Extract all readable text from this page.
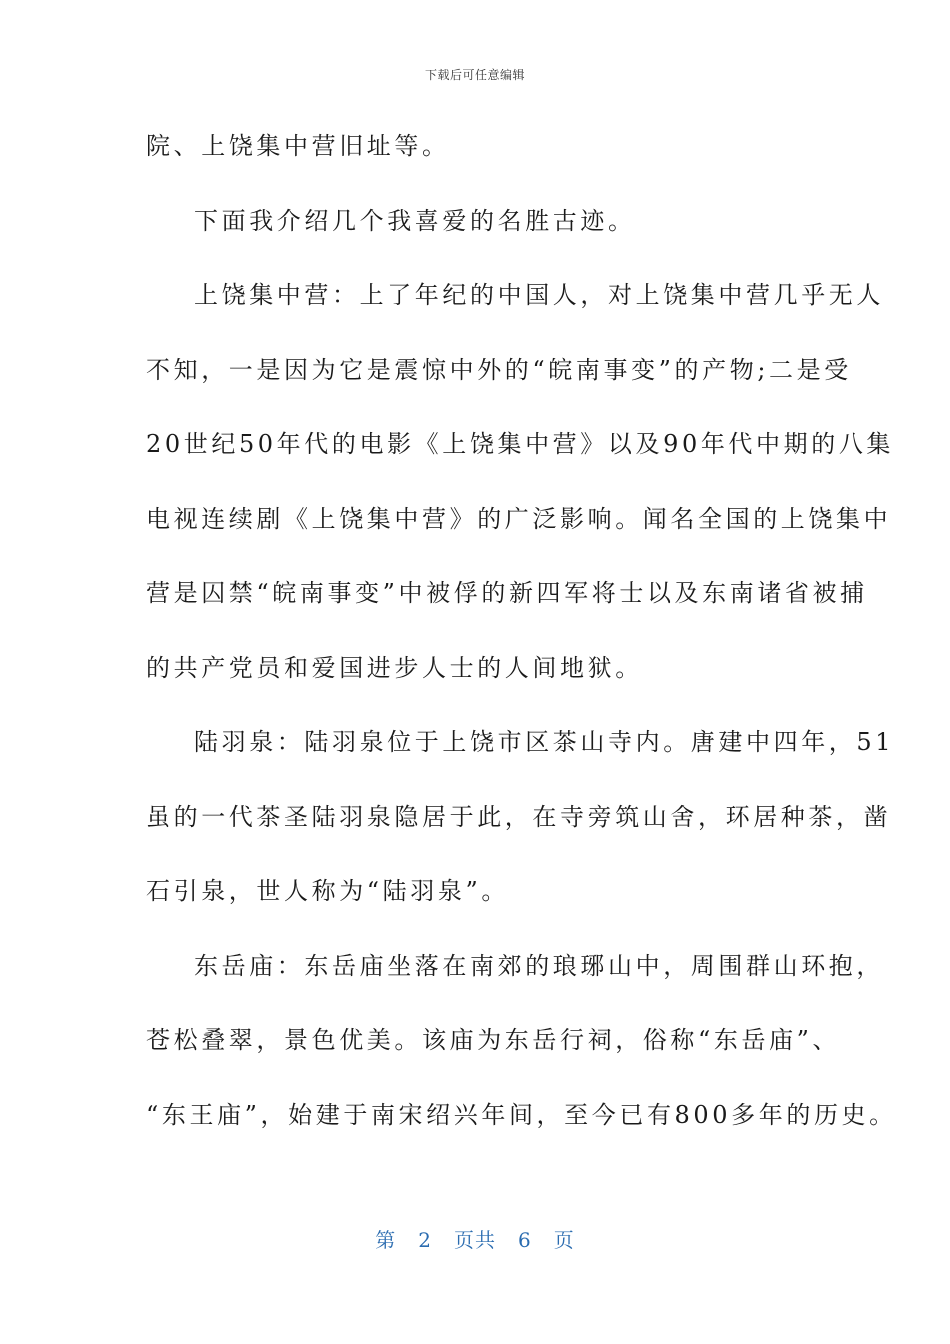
下载后可任意编辑
院、上饶集中营旧址等。
下面我介绍几个我喜爱的名胜古迹。
上饶集中营：上了年纪的中国人，对上饶集中营几乎无人
不知，一是因为它是震惊中外的“皖南事变”的产物;二是受
20世纪50年代的电影《上饶集中营》以及90年代中期的八集
电视连续剧《上饶集中营》的广泛影响。闻名全国的上饶集中
营是囚禁“皖南事变”中被俘的新四军将士以及东南诸省被捕
的共产党员和爱国进步人士的人间地狱。
陆羽泉：陆羽泉位于上饶市区茶山寺内。唐建中四年，51
虽的一代茶圣陆羽泉隐居于此，在寺旁筑山舍，环居种茶，凿
石引泉，世人称为“陆羽泉”。
东岳庙：东岳庙坐落在南郊的琅琊山中，周围群山环抱，
苍松叠翠，景色优美。该庙为东岳行祠，俗称“东岳庙”、
“东王庙”，始建于南宋绍兴年间，至今已有800多年的历史。
第 2 页共 6 页
